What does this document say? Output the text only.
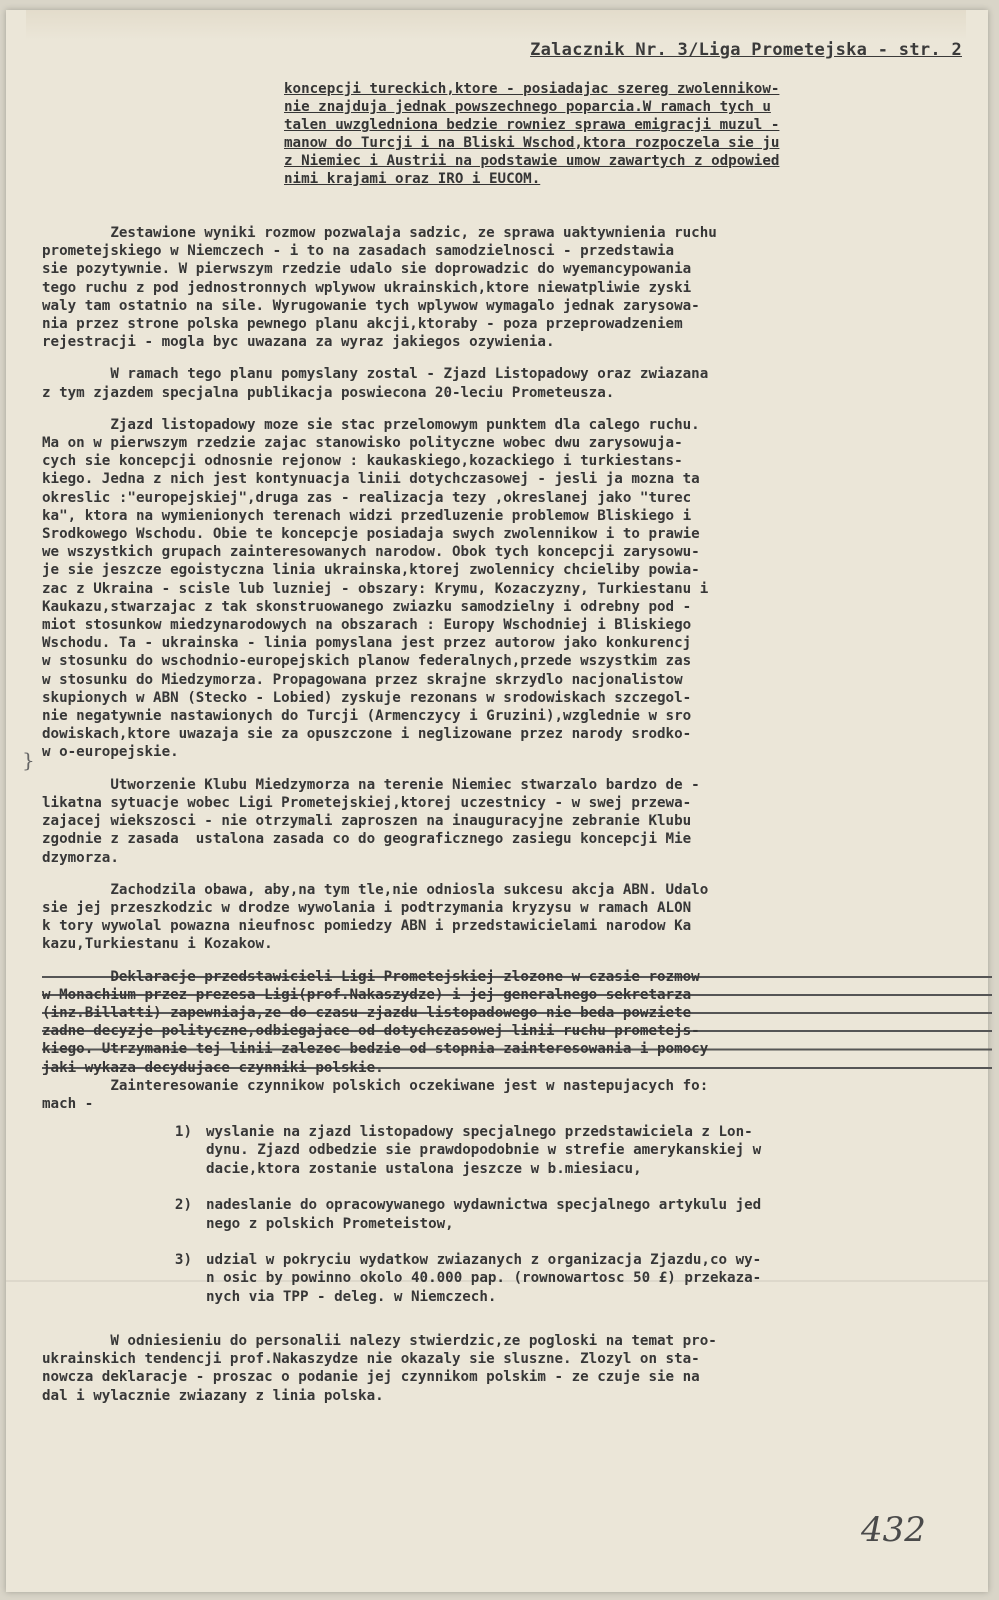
Zalacznik Nr. 3/Liga Prometejska - str. 2
koncepcji tureckich,ktore - posiadajac szereg zwolennikow-
nie znajduja jednak powszechnego poparcia.W ramach tych u
talen uwzgledniona bedzie rowniez sprawa emigracji muzul -
manow do Turcji i na Bliski Wschod,ktora rozpoczela sie ju
z Niemiec i Austrii na podstawie umow zawartych z odpowied
nimi krajami oraz IRO i EUCOM.
Zestawione wyniki rozmow pozwalaja sadzic, ze sprawa uaktywnienia ruchu
prometejskiego w Niemczech - i to na zasadach samodzielnosci - przedstawia
sie pozytywnie. W pierwszym rzedzie udalo sie doprowadzic do wyemancypowania
tego ruchu z pod jednostronnych wplywow ukrainskich,ktore niewatpliwie zyski
waly tam ostatnio na sile. Wyrugowanie tych wplywow wymagalo jednak zarysowa-
nia przez strone polska pewnego planu akcji,ktoraby - poza przeprowadzeniem
rejestracji - mogla byc uwazana za wyraz jakiegos ozywienia.
W ramach tego planu pomyslany zostal - Zjazd Listopadowy oraz zwiazana
z tym zjazdem specjalna publikacja poswiecona 20-leciu Prometeusza.
Zjazd listopadowy moze sie stac przelomowym punktem dla calego ruchu.
Ma on w pierwszym rzedzie zajac stanowisko polityczne wobec dwu zarysowuja-
cych sie koncepcji odnosnie rejonow : kaukaskiego,kozackiego i turkiestans-
kiego. Jedna z nich jest kontynuacja linii dotychczasowej - jesli ja mozna ta
okreslic :"europejskiej",druga zas - realizacja tezy ,okreslanej jako "turec
ka", ktora na wymienionych terenach widzi przedluzenie problemow Bliskiego i
Srodkowego Wschodu. Obie te koncepcje posiadaja swych zwolennikow i to prawie
we wszystkich grupach zainteresowanych narodow. Obok tych koncepcji zarysowu-
je sie jeszcze egoistyczna linia ukrainska,ktorej zwolennicy chcieliby powia-
zac z Ukraina - scisle lub luzniej - obszary: Krymu, Kozaczyzny, Turkiestanu i
Kaukazu,stwarzajac z tak skonstruowanego zwiazku samodzielny i odrebny pod -
miot stosunkow miedzynarodowych na obszarach : Europy Wschodniej i Bliskiego
Wschodu. Ta - ukrainska - linia pomyslana jest przez autorow jako konkurencj
w stosunku do wschodnio-europejskich planow federalnych,przede wszystkim zas
w stosunku do Miedzymorza. Propagowana przez skrajne skrzydlo nacjonalistow
skupionych w ABN (Stecko - Lobied) zyskuje rezonans w srodowiskach szczegol-
nie negatywnie nastawionych do Turcji (Armenczycy i Gruzini),wzglednie w sro
dowiskach,ktore uwazaja sie za opuszczone i neglizowane przez narody srodko-
w o-europejskie.
Utworzenie Klubu Miedzymorza na terenie Niemiec stwarzalo bardzo de -
likatna sytuacje wobec Ligi Prometejskiej,ktorej uczestnicy - w swej przewa-
zajacej wiekszosci - nie otrzymali zaproszen na inauguracyjne zebranie Klubu
zgodnie z zasada  ustalona zasada co do geograficznego zasiegu koncepcji Mie
dzymorza.
Zachodzila obawa, aby,na tym tle,nie odniosla sukcesu akcja ABN. Udalo
sie jej przeszkodzic w drodze wywolania i podtrzymania kryzysu w ramach ALON
k tory wywolal powazna nieufnosc pomiedzy ABN i przedstawicielami narodow Ka
kazu,Turkiestanu i Kozakow.
Deklaracje przedstawicieli Ligi Prometejskiej zlozone w czasie rozmow
w Monachium przez prezesa Ligi(prof.Nakaszydze) i jej generalnego sekretarza
(inz.Billatti) zapewniaja,ze do czasu zjazdu listopadowego nie beda powziete
zadne decyzje polityczne,odbiegajace od dotychczasowej linii ruchu prometejs-
kiego. Utrzymanie tej linii zalezec bedzie od stopnia zainteresowania i pomocy
jaki wykaza decydujace czynniki polskie.
Zainteresowanie czynnikow polskich oczekiwane jest w nastepujacych fo:
mach -
1) wyslanie na zjazd listopadowy specjalnego przedstawiciela z Lon-
dynu. Zjazd odbedzie sie prawdopodobnie w strefie amerykanskiej w
dacie,ktora zostanie ustalona jeszcze w b.miesiacu,
2) nadeslanie do opracowywanego wydawnictwa specjalnego artykulu jed
nego z polskich Prometeistow,
3) udzial w pokryciu wydatkow zwiazanych z organizacja Zjazdu,co wy-
n osic by powinno okolo 40.000 pap. (rownowartosc 50 £) przekaza-
nych via TPP - deleg. w Niemczech.
W odniesieniu do personalii nalezy stwierdzic,ze pogloski na temat pro-
ukrainskich tendencji prof.Nakaszydze nie okazaly sie sluszne. Zlozyl on sta-
nowcza deklaracje - proszac o podanie jej czynnikom polskim - ze czuje sie na
dal i wylacznie zwiazany z linia polska.
}
432
